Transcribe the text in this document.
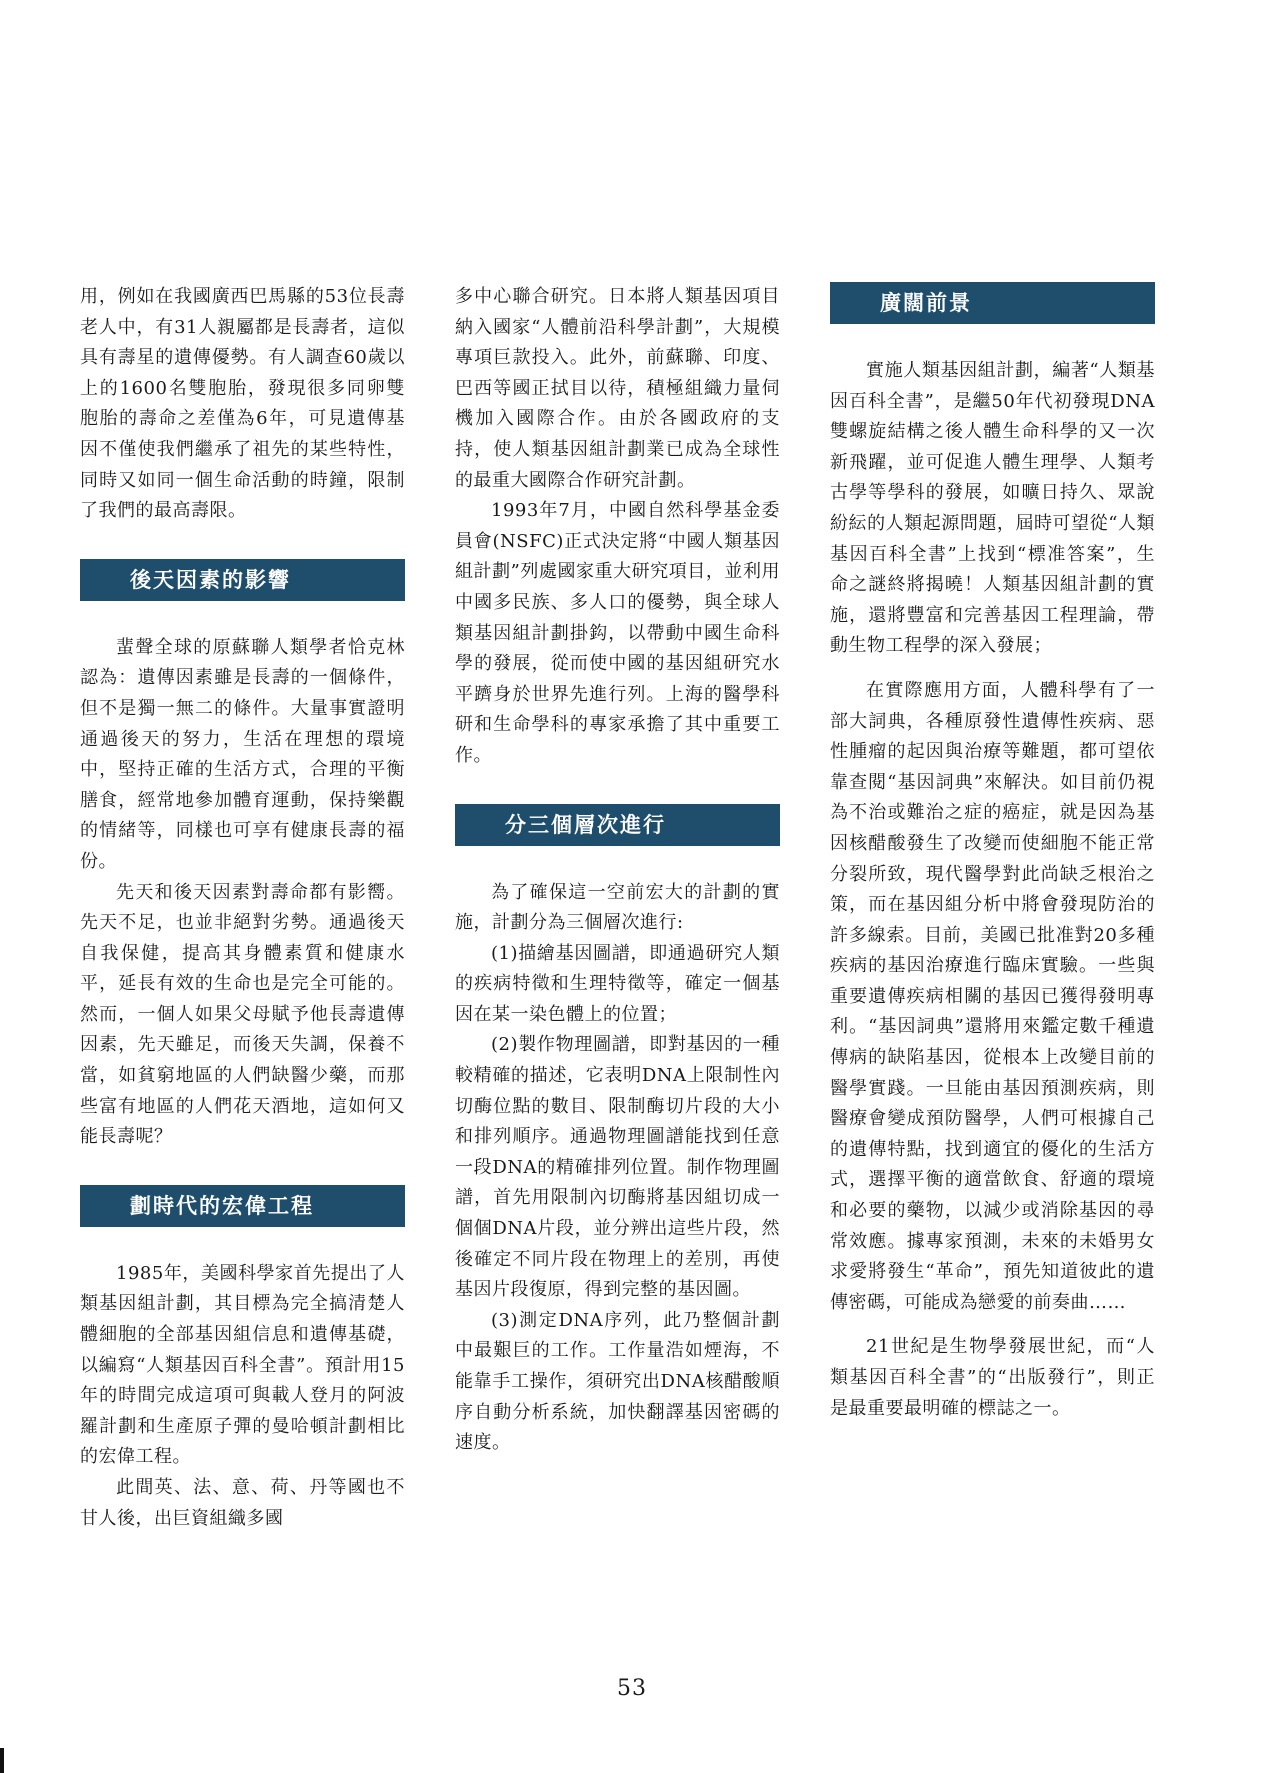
用，例如在我國廣西巴馬縣的53位長壽老人中，有31人親屬都是長壽者，這似具有壽星的遺傳優勢。有人調查60歲以上的1600名雙胞胎，發現很多同卵雙胞胎的壽命之差僅為6年，可見遺傳基因不僅使我們繼承了祖先的某些特性，同時又如同一個生命活動的時鐘，限制了我們的最高壽限。

後天因素的影響

蜚聲全球的原蘇聯人類學者恰克林認為：遺傳因素雖是長壽的一個條件，但不是獨一無二的條件。大量事實證明通過後天的努力，生活在理想的環境中，堅持正確的生活方式，合理的平衡膳食，經常地參加體育運動，保持樂觀的情緒等，同樣也可享有健康長壽的福份。

先天和後天因素對壽命都有影嚮。先天不足，也並非絕對劣勢。通過後天自我保健，提高其身體素質和健康水平，延長有效的生命也是完全可能的。然而，一個人如果父母賦予他長壽遺傳因素，先天雖足，而後天失調，保養不當，如貧窮地區的人們缺醫少藥，而那些富有地區的人們花天酒地，這如何又能長壽呢？

劃時代的宏偉工程

1985年，美國科學家首先提出了人類基因組計劃，其目標為完全搞清楚人體細胞的全部基因組信息和遺傳基礎，以編寫“人類基因百科全書”。預計用15年的時間完成這項可與載人登月的阿波羅計劃和生產原子彈的曼哈頓計劃相比的宏偉工程。

此間英、法、意、荷、丹等國也不甘人後，出巨資組織多國

多中心聯合研究。日本將人類基因項目納入國家“人體前沿科學計劃”，大規模專項巨款投入。此外，前蘇聯、印度、巴西等國正拭目以待，積極組織力量伺機加入國際合作。由於各國政府的支持，使人類基因組計劃業已成為全球性的最重大國際合作研究計劃。

1993年7月，中國自然科學基金委員會(NSFC)正式決定將“中國人類基因組計劃”列處國家重大研究項目，並利用中國多民族、多人口的優勢，與全球人類基因組計劃掛鈎，以帶動中國生命科學的發展，從而使中國的基因組研究水平躋身於世界先進行列。上海的醫學科研和生命學科的專家承擔了其中重要工作。

分三個層次進行

為了確保這一空前宏大的計劃的實施，計劃分為三個層次進行:

(1)描繪基因圖譜，即通過研究人類的疾病特徵和生理特徵等，確定一個基因在某一染色體上的位置；

(2)製作物理圖譜，即對基因的一種較精確的描述，它表明DNA上限制性內切酶位點的數目、限制酶切片段的大小和排列順序。通過物理圖譜能找到任意一段DNA的精確排列位置。制作物理圖譜，首先用限制內切酶將基因組切成一個個DNA片段，並分辨出這些片段，然後確定不同片段在物理上的差別，再使基因片段復原，得到完整的基因圖。

(3)測定DNA序列，此乃整個計劃中最艱巨的工作。工作量浩如煙海，不能靠手工操作，須研究出DNA核醋酸順序自動分析系統，加快翻譯基因密碼的速度。

廣闊前景

實施人類基因組計劃，編著“人類基因百科全書”，是繼50年代初發現DNA雙螺旋結構之後人體生命科學的又一次新飛躍，並可促進人體生理學、人類考古學等學科的發展，如曠日持久、眾說紛紜的人類起源問題，屆時可望從“人類基因百科全書”上找到“標准答案”，生命之謎終將揭曉！人類基因組計劃的實施，還將豐富和完善基因工程理論，帶動生物工程學的深入發展；

在實際應用方面，人體科學有了一部大詞典，各種原發性遺傳性疾病、惡性腫瘤的起因與治療等難題，都可望依靠查閱“基因詞典”來解決。如目前仍視為不治或難治之症的癌症，就是因為基因核醋酸發生了改變而使細胞不能正常分裂所致，現代醫學對此尚缺乏根治之策，而在基因組分析中將會發現防治的許多線索。目前，美國已批准對20多種疾病的基因治療進行臨床實驗。一些與重要遺傳疾病相關的基因已獲得發明專利。“基因詞典”還將用來鑑定數千種遺傳病的缺陷基因，從根本上改變目前的醫學實踐。一旦能由基因預測疾病，則醫療會變成預防醫學，人們可根據自己的遺傳特點，找到適宜的優化的生活方式，選擇平衡的適當飲食、舒適的環境和必要的藥物，以減少或消除基因的尋常效應。據專家預測，未來的未婚男女求愛將發生“革命”，預先知道彼此的遺傳密碼，可能成為戀愛的前奏曲……

21世紀是生物學發展世紀，而“人類基因百科全書”的“出版發行”，則正是最重要最明確的標誌之一。

53
